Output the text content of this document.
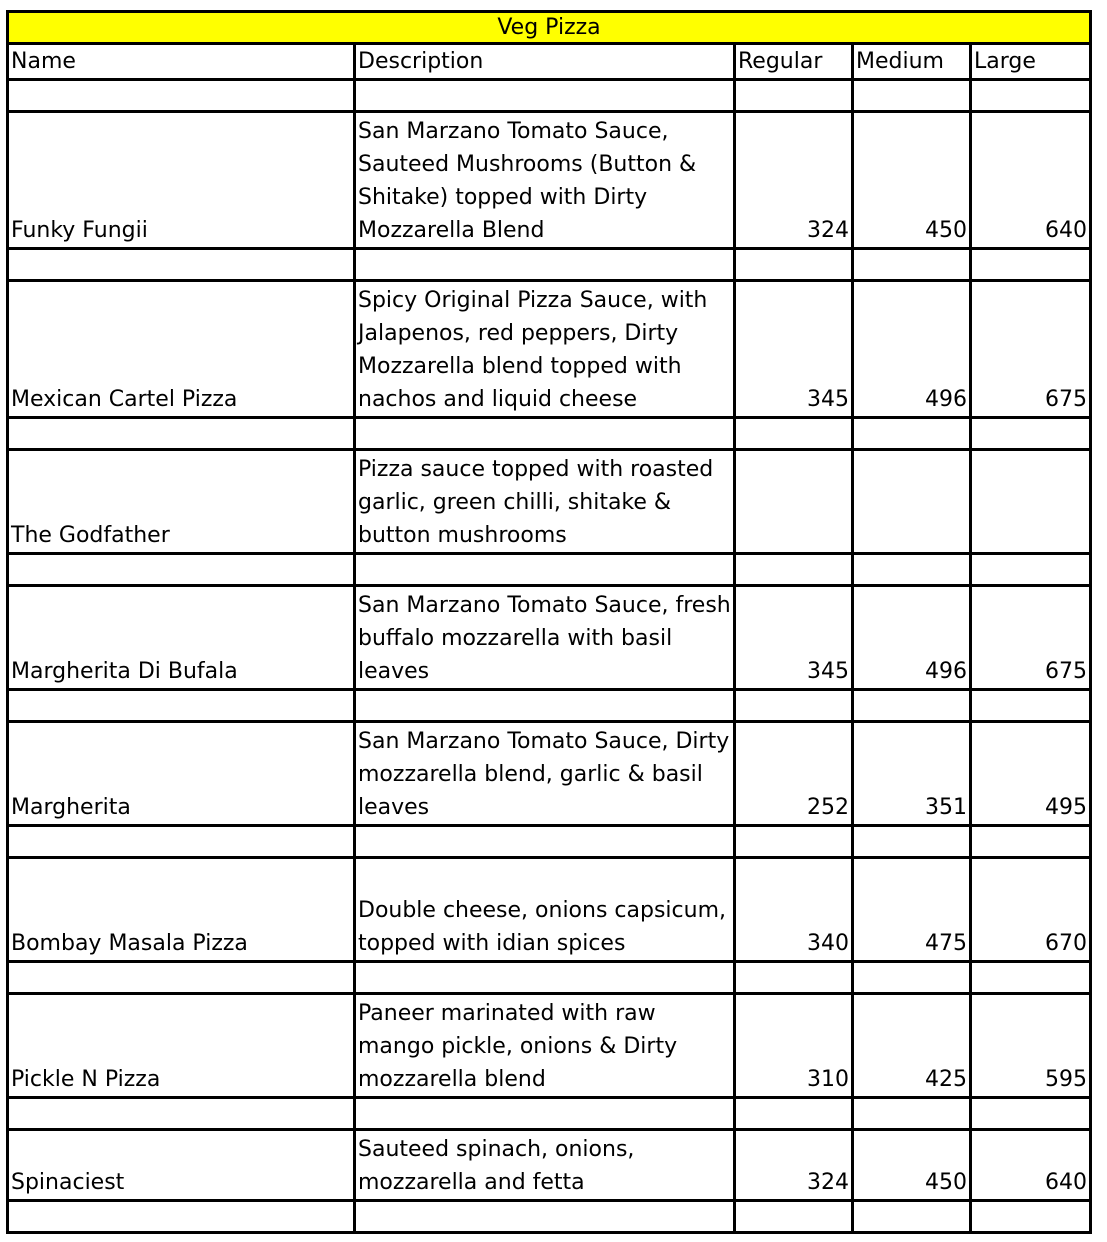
Veg Pizza				
Name	Description	Regular	Medium	Large

Funky Fungii	San Marzano Tomato Sauce,
Sauteed Mushrooms (Button &
Shitake) topped with Dirty
Mozzarella Blend	324	450	640

Mexican Cartel Pizza	Spicy Original Pizza Sauce, with
Jalapenos, red peppers, Dirty
Mozzarella blend topped with
nachos and liquid cheese	345	496	675

The Godfather	Pizza sauce topped with roasted
garlic, green chilli, shitake &
button mushrooms			

Margherita Di Bufala	San Marzano Tomato Sauce, fresh
buffalo mozzarella with basil
leaves	345	496	675

Margherita	San Marzano Tomato Sauce, Dirty
mozzarella blend, garlic & basil
leaves	252	351	495

Bombay Masala Pizza	Double cheese, onions capsicum,
topped with idian spices	340	475	670

Pickle N Pizza	Paneer marinated with raw
mango pickle, onions & Dirty
mozzarella blend	310	425	595

Spinaciest	Sauteed spinach, onions,
mozzarella and fetta	324	450	640
